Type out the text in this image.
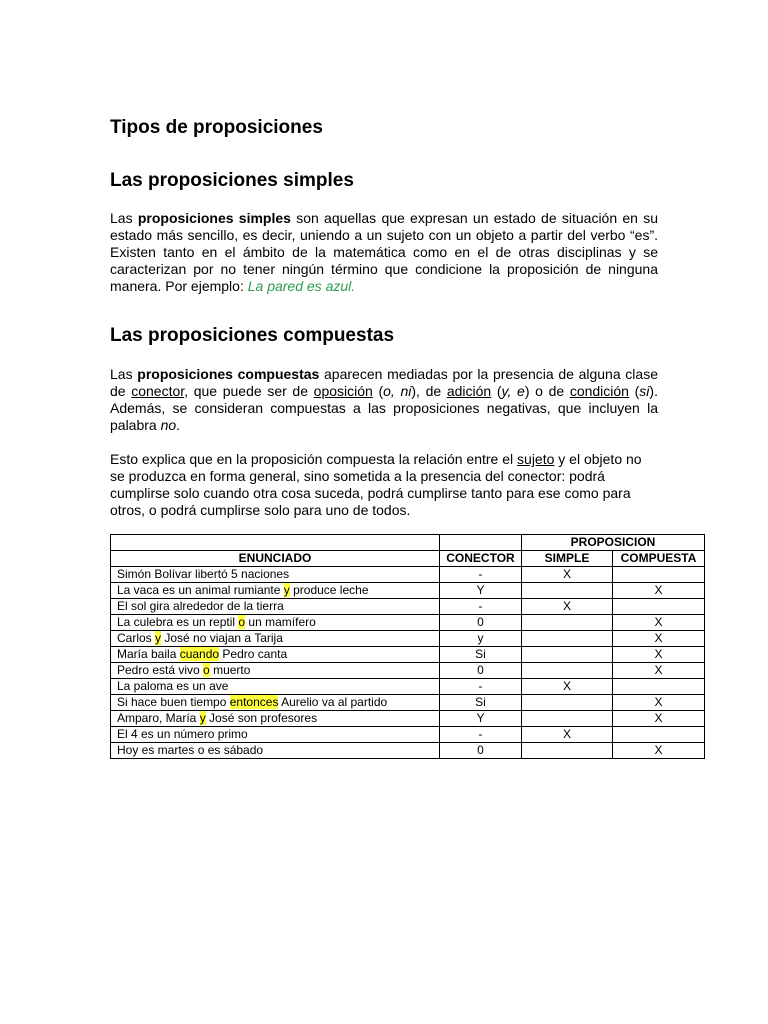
Tipos de proposiciones
Las proposiciones simples

Las proposiciones simples son aquellas que expresan un estado de situación en su estado más sencillo, es decir, uniendo a un sujeto con un objeto a partir del verbo “es”. Existen tanto en el ámbito de la matemática como en el de otras disciplinas y se caracterizan por no tener ningún término que condicione la proposición de ninguna manera. Por ejemplo: La pared es azul.

Las proposiciones compuestas

Las proposiciones compuestas aparecen mediadas por la presencia de alguna clase de conector, que puede ser de oposición (o, ni), de adición (y, e) o de condición (si). Además, se consideran compuestas a las proposiciones negativas, que incluyen la palabra no.

Esto explica que en la proposición compuesta la relación entre el sujeto y el objeto no se produzca en forma general, sino sometida a la presencia del conector: podrá cumplirse solo cuando otra cosa suceda, podrá cumplirse tanto para ese como para otros, o podrá cumplirse solo para uno de todos.

		PROPOSICION	
ENUNCIADO	CONECTOR	SIMPLE	COMPUESTA
Simón Bolívar libertó 5 naciones	-	X	
La vaca es un animal rumiante y produce leche	Y		X
El sol gira alrededor de la tierra	-	X	
La culebra es un reptil o un mamífero	0		X
Carlos y José no viajan a Tarija	y		X
María baila cuando Pedro canta	Si		X
Pedro está vivo o muerto	0		X
La paloma es un ave	-	X	
Si hace buen tiempo entonces Aurelio va al partido	Si		X
Amparo, María y José son profesores	Y		X
El 4 es un número primo	-	X	
Hoy es martes o es sábado	0		X
